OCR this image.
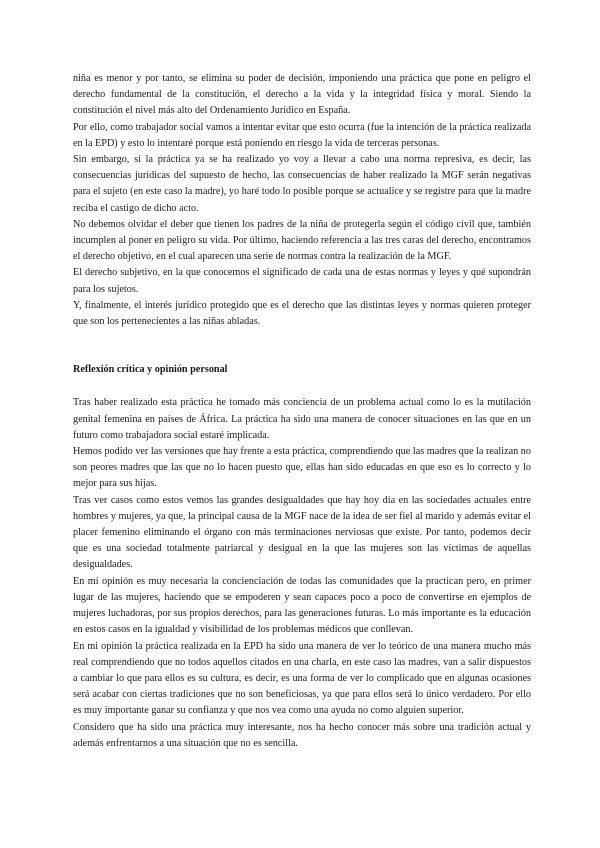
niña es menor y por tanto, se elimina su poder de decisión, imponiendo una práctica que pone en peligro el derecho fundamental de la constitución, el derecho a la vida y la integridad física y moral. Siendo la constitución el nivel más alto del Ordenamiento Jurídico en España.

Por ello, como trabajador social vamos a intentar evitar que esto ocurra (fue la intención de la práctica realizada en la EPD) y esto lo intentaré porque está poniendo en riesgo la vida de terceras personas.

Sin embargo, si la práctica ya se ha realizado yo voy a llevar a cabo una norma represiva, es decir, las consecuencias jurídicas del supuesto de hecho, las consecuencias de haber realizado la MGF serán negativas para el sujeto (en este caso la madre), yo haré todo lo posible porque se actualice y se registre para que la madre reciba el castigo de dicho acto.

No debemos olvidar el deber que tienen los padres de la niña de protegerla según el código civil que, también incumplen al poner en peligro su vida. Por último, haciendo referencia a las tres caras del derecho, encontramos el derecho objetivo, en el cual aparecen una serie de normas contra la realización de la MGF.

El derecho subjetivo, en la que conocemos el significado de cada una de estas normas y leyes y qué supondrán para los sujetos.

Y, finalmente, el interés jurídico protegido que es el derecho que las distintas leyes y normas quieren proteger que son los pertenecientes a las niñas abladas.

Reflexión crítica y opinión personal

Tras haber realizado esta práctica he tomado más conciencia de un problema actual como lo es la mutilación genital femenina en países de África. La práctica ha sido una manera de conocer situaciones en las que en un futuro como trabajadora social estaré implicada.

Hemos podido ver las versiones que hay frente a esta práctica, comprendiendo que las madres que la realizan no son peores madres que las que no lo hacen puesto que, ellas han sido educadas en que eso es lo correcto y lo mejor para sus hijas.

Tras ver casos como estos vemos las grandes desigualdades que hay hoy día en las sociedades actuales entre hombres y mujeres, ya que, la principal causa de la MGF nace de la idea de ser fiel al marido y además evitar el placer femenino eliminando el órgano con más terminaciones nerviosas que existe. Por tanto, podemos decir que es una sociedad totalmente patriarcal y desigual en la que las mujeres son las víctimas de aquellas desigualdades.

En mi opinión es muy necesaria la concienciación de todas las comunidades que la practican pero, en primer lugar de las mujeres, haciendo que se empoderen y sean capaces poco a poco de convertirse en ejemplos de mujeres luchadoras, por sus propios derechos, para las generaciones futuras. Lo más importante es la educación en estos casos en la igualdad y visibilidad de los problemas médicos que conllevan.

En mi opinión la práctica realizada en la EPD ha sido una manera de ver lo teórico de una manera mucho más real comprendiendo que no todos aquellos citados en una charla, en este caso las madres, van a salir dispuestos a cambiar lo que para ellos es su cultura, es decir, es una forma de ver lo complicado que en algunas ocasiones será acabar con ciertas tradiciones que no son beneficiosas, ya que para ellos será lo único verdadero. Por ello es muy importante ganar su confianza y que nos vea como una ayuda no como alguien superior.

Considero que ha sido una práctica muy interesante, nos ha hecho conocer más sobre una tradición actual y además enfrentarnos a una situación que no es sencilla.
